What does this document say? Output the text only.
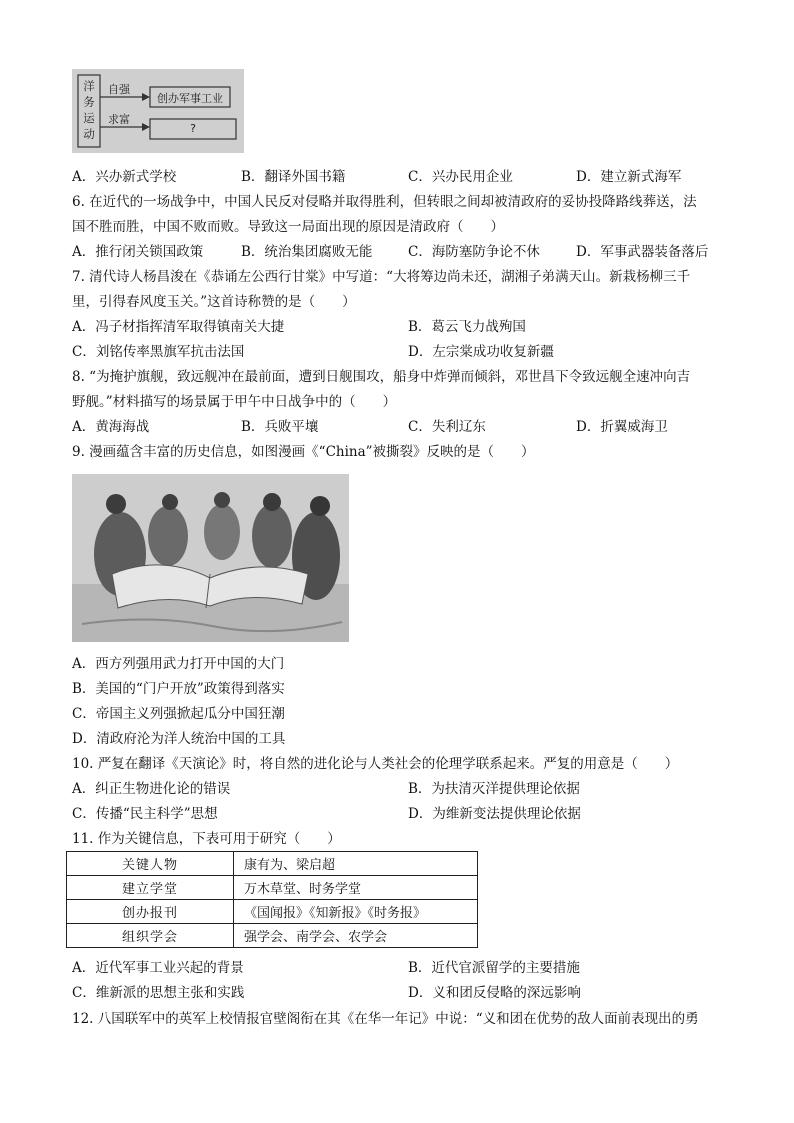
洋务运动
自强
求富
创办军事工业
?
A．兴办新式学校	B．翻译外国书籍	C．兴办民用企业	D．建立新式海军
6. 在近代的一场战争中，中国人民反对侵略并取得胜利，但转眼之间却被清政府的妥协投降路线葬送，法
国不胜而胜，中国不败而败。导致这一局面出现的原因是清政府（　　）
A．推行闭关锁国政策	B．统治集团腐败无能	C．海防塞防争论不休	D．军事武器装备落后
7. 清代诗人杨昌浚在《恭诵左公西行甘棠》中写道：“大将筹边尚未还，湖湘子弟满天山。新栽杨柳三千
里，引得春风度玉关。”这首诗称赞的是（　　）
A．冯子材指挥清军取得镇南关大捷	B．葛云飞力战殉国
C．刘铭传率黑旗军抗击法国	D．左宗棠成功收复新疆
8. “为掩护旗舰，致远舰冲在最前面，遭到日舰围攻，船身中炸弹而倾斜，邓世昌下令致远舰全速冲向吉
野舰。”材料描写的场景属于甲午中日战争中的（　　）
A．黄海海战	B．兵败平壤	C．失利辽东	D．折翼威海卫
9. 漫画蕴含丰富的历史信息，如图漫画《“China”被撕裂》反映的是（　　）
A．西方列强用武力打开中国的大门
B．美国的“门户开放”政策得到落实
C．帝国主义列强掀起瓜分中国狂潮
D．清政府沦为洋人统治中国的工具
10. 严复在翻译《天演论》时，将自然的进化论与人类社会的伦理学联系起来。严复的用意是（　　）
A．纠正生物进化论的错误	B．为扶清灭洋提供理论依据
C．传播“民主科学”思想	D．为维新变法提供理论依据
11. 作为关键信息，下表可用于研究（　　）
关键人物	康有为、梁启超
建立学堂	万木草堂、时务学堂
创办报刊	《国闻报》《知新报》《时务报》
组织学会	强学会、南学会、农学会
A．近代军事工业兴起的背景	B．近代官派留学的主要措施
C．维新派的思想主张和实践	D．义和团反侵略的深远影响
12. 八国联军中的英军上校情报官壁阁衔在其《在华一年记》中说：“义和团在优势的敌人面前表现出的勇
